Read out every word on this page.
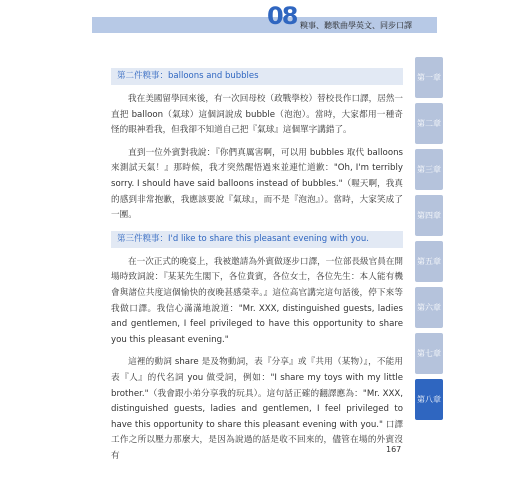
08 糗事、聽歌曲學英文、同步口譯
第二件糗事：balloons and bubbles

我在美國留學回來後，有一次回母校（政戰學校）替校長作口譯，居然一直把 balloon（氣球）這個詞說成 bubble（泡泡）。當時，大家都用一種奇怪的眼神看我，但我卻不知道自己把『氣球』這個單字講錯了。

直到一位外賓對我說：『你們真厲害啊，可以用 bubbles 取代 balloons 來測試天氣！』那時候，我才突然醒悟過來並連忙道歉："Oh, I'm terribly sorry. I should have said balloons instead of bubbles."（喔天啊，我真的感到非常抱歉，我應該要說『氣球』，而不是『泡泡』）。當時，大家笑成了一團。

第三件糗事：I'd like to share this pleasant evening with you.

在一次正式的晚宴上，我被邀請為外賓做逐步口譯，一位部長級官員在開場時致詞說：『某某先生閣下，各位貴賓，各位女士，各位先生：本人能有機會與諸位共度這個愉快的夜晚甚感榮幸。』這位高官講完這句話後，停下來等我做口譯。我信心滿滿地說道："Mr. XXX, distinguished guests, ladies and gentlemen, I feel privileged to have this opportunity to share you this pleasant evening."

這裡的動詞 share 是及物動詞，表『分享』或『共用（某物）』，不能用表『人』的代名詞 you 做受詞，例如："I share my toys with my little brother."（我會跟小弟分享我的玩具）。這句話正確的翻譯應為："Mr. XXX, distinguished guests, ladies and gentlemen, I feel privileged to have this opportunity to share this pleasant evening with you." 口譯工作之所以壓力那麼大，是因為說過的話是收不回來的，儘管在場的外賓沒有

第一章
第二章
第三章
第四章
第五章
第六章
第七章
第八章
167
